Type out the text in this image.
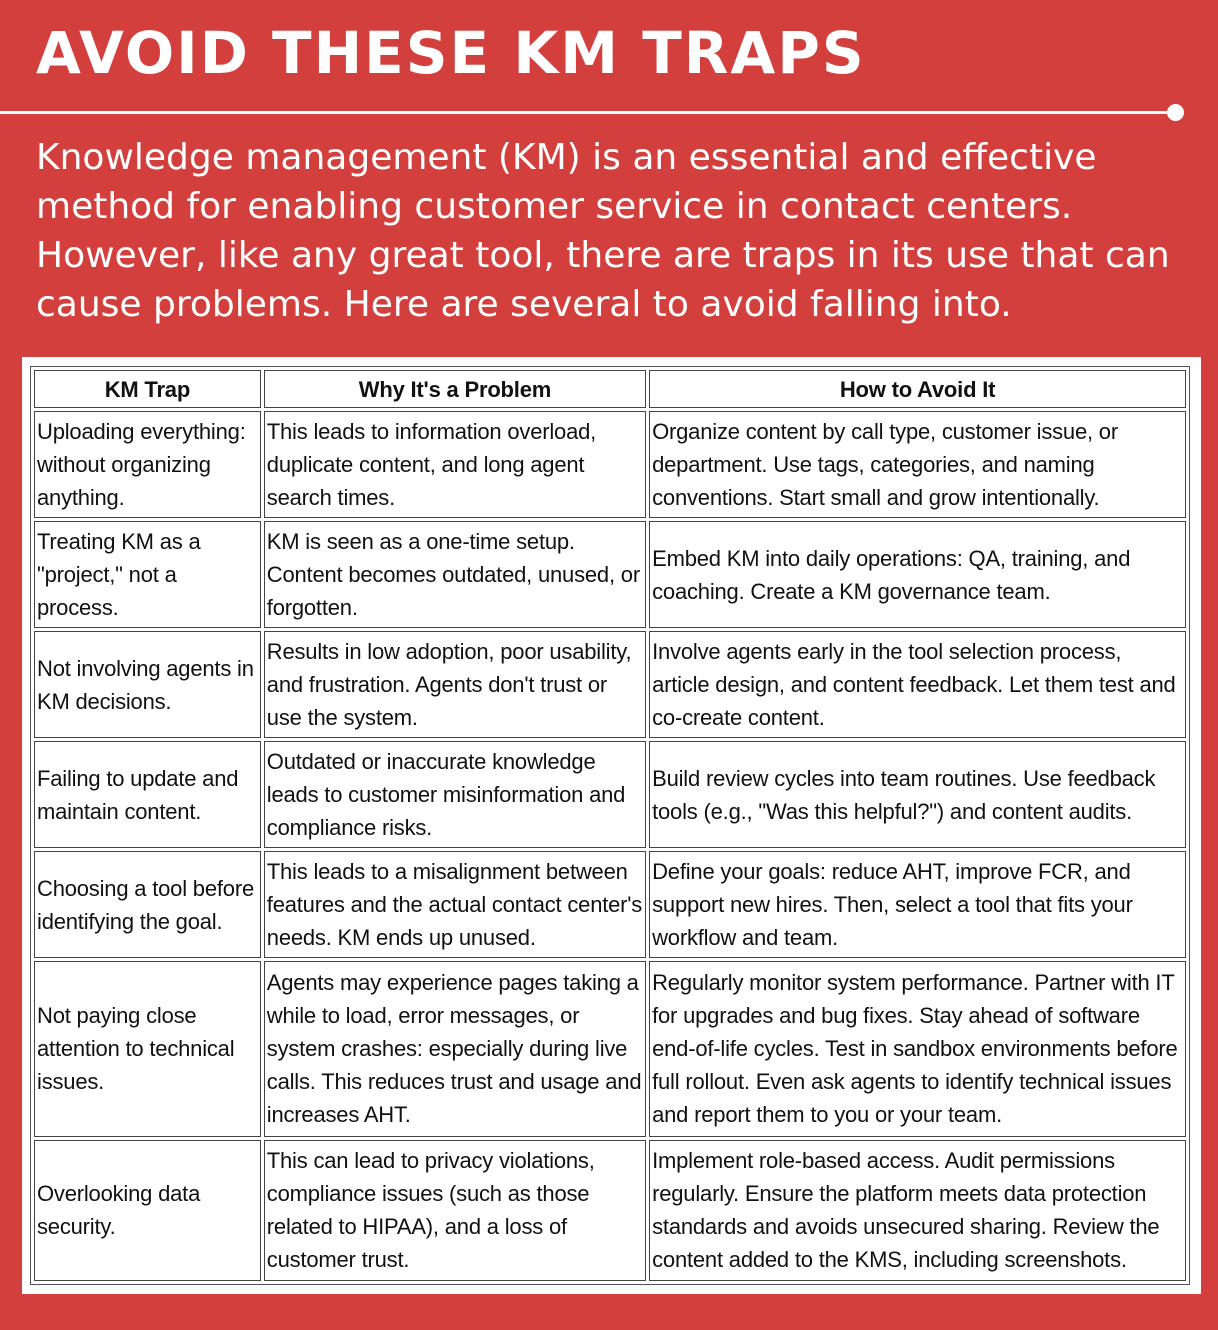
AVOID THESE KM TRAPS
Knowledge management (KM) is an essential and effective method for enabling customer service in contact centers. However, like any great tool, there are traps in its use that can cause problems. Here are several to avoid falling into.
KM Trap	Why It's a Problem	How to Avoid It
Uploading everything: without organizing anything.	This leads to information overload, duplicate content, and long agent search times.	Organize content by call type, customer issue, or department. Use tags, categories, and naming conventions. Start small and grow intentionally.
Treating KM as a "project," not a process.	KM is seen as a one-time setup. Content becomes outdated, unused, or forgotten.	Embed KM into daily operations: QA, training, and coaching. Create a KM governance team.
Not involving agents in KM decisions.	Results in low adoption, poor usability, and frustration. Agents don't trust or use the system.	Involve agents early in the tool selection process, article design, and content feedback. Let them test and co-create content.
Failing to update and maintain content.	Outdated or inaccurate knowledge leads to customer misinformation and compliance risks.	Build review cycles into team routines. Use feedback tools (e.g., "Was this helpful?") and content audits.
Choosing a tool before identifying the goal.	This leads to a misalignment between features and the actual contact center's needs. KM ends up unused.	Define your goals: reduce AHT, improve FCR, and support new hires. Then, select a tool that fits your workflow and team.
Not paying close attention to technical issues.	Agents may experience pages taking a while to load, error messages, or system crashes: especially during live calls. This reduces trust and usage and increases AHT.	Regularly monitor system performance. Partner with IT for upgrades and bug fixes. Stay ahead of software end-of-life cycles. Test in sandbox environments before full rollout. Even ask agents to identify technical issues and report them to you or your team.
Overlooking data security.	This can lead to privacy violations, compliance issues (such as those related to HIPAA), and a loss of customer trust.	Implement role-based access. Audit permissions regularly. Ensure the platform meets data protection standards and avoids unsecured sharing. Review the content added to the KMS, including screenshots.
